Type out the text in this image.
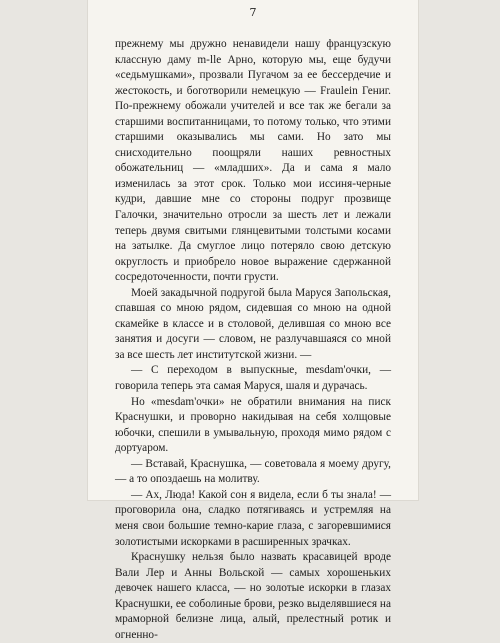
7

прежнему мы дружно ненавидели нашу французскую классную даму m-lle Арно, которую мы, еще будучи «седьмушками», прозвали Пугачом за ее бессердечие и жестокость, и боготворили немецкую — Fraulein Гениг. По-прежнему обожали учителей и все так же бегали за старшими воспитанницами, то потому только, что этими старшими оказывались мы сами. Но зато мы снисходительно поощряли наших ревностных обожательниц — «младших». Да и сама я мало изменилась за этот срок. Только мои иссиня-черные кудри, давшие мне со стороны подруг прозвище Галочки, значительно отросли за шесть лет и лежали теперь двумя свитыми глянцевитыми толстыми косами на затылке. Да смуглое лицо потеряло свою детскую округлость и приобрело новое выражение сдержанной сосредоточенности, почти грусти.

Моей закадычной подругой была Маруся Запольская, спавшая со мною рядом, сидевшая со мною на одной скамейке в классе и в столовой, делившая со мною все занятия и досуги — словом, не разлучавшаяся со мной за все шесть лет институтской жизни. —

— С переходом в выпускные, mesdam'очки, — говорила теперь эта самая Маруся, шаля и дурачась.

Но «mesdam'очки» не обратили внимания на писк Краснушки, и проворно накидывая на себя холщовые юбочки, спешили в умывальную, проходя мимо рядом с дортуаром.

— Вставай, Краснушка, — советовала я моему другу, — а то опоздаешь на молитву.

— Ах, Люда! Какой сон я видела, если б ты знала! — проговорила она, сладко потягиваясь и устремляя на меня свои большие темно-карие глаза, с загоревшимися золотистыми искорками в расширенных зрачках.

Краснушку нельзя было назвать красавицей вроде Вали Лер и Анны Вольской — самых хорошеньких девочек нашего класса, — но золотые искорки в глазах Краснушки, ее соболиные брови, резко выделявшиеся на мраморной белизне лица, алый, прелестный ротик и огненно-
